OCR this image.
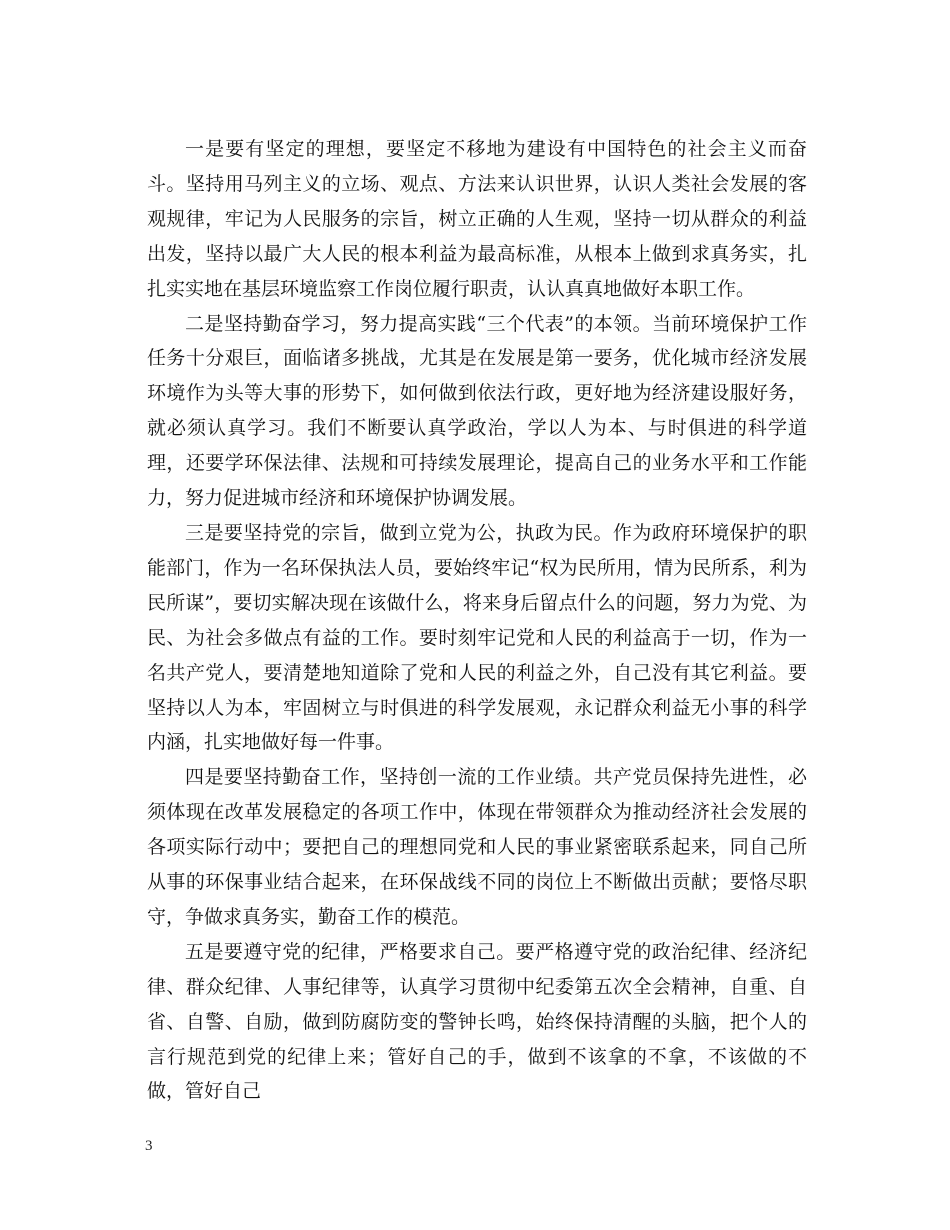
一是要有坚定的理想，要坚定不移地为建设有中国特色的社会主义而奋斗。坚持用马列主义的立场、观点、方法来认识世界，认识人类社会发展的客观规律，牢记为人民服务的宗旨，树立正确的人生观，坚持一切从群众的利益出发，坚持以最广大人民的根本利益为最高标准，从根本上做到求真务实，扎扎实实地在基层环境监察工作岗位履行职责，认认真真地做好本职工作。

二是坚持勤奋学习，努力提高实践“三个代表”的本领。当前环境保护工作任务十分艰巨，面临诸多挑战，尤其是在发展是第一要务，优化城市经济发展环境作为头等大事的形势下，如何做到依法行政，更好地为经济建设服好务，就必须认真学习。我们不断要认真学政治，学以人为本、与时俱进的科学道理，还要学环保法律、法规和可持续发展理论，提高自己的业务水平和工作能力，努力促进城市经济和环境保护协调发展。

三是要坚持党的宗旨，做到立党为公，执政为民。作为政府环境保护的职能部门，作为一名环保执法人员，要始终牢记“权为民所用，情为民所系，利为民所谋”，要切实解决现在该做什么，将来身后留点什么的问题，努力为党、为民、为社会多做点有益的工作。要时刻牢记党和人民的利益高于一切，作为一名共产党人，要清楚地知道除了党和人民的利益之外，自己没有其它利益。要坚持以人为本，牢固树立与时俱进的科学发展观，永记群众利益无小事的科学内涵，扎实地做好每一件事。

四是要坚持勤奋工作，坚持创一流的工作业绩。共产党员保持先进性，必须体现在改革发展稳定的各项工作中，体现在带领群众为推动经济社会发展的各项实际行动中；要把自己的理想同党和人民的事业紧密联系起来，同自己所从事的环保事业结合起来，在环保战线不同的岗位上不断做出贡献；要恪尽职守，争做求真务实，勤奋工作的模范。

五是要遵守党的纪律，严格要求自己。要严格遵守党的政治纪律、经济纪律、群众纪律、人事纪律等，认真学习贯彻中纪委第五次全会精神，自重、自省、自警、自励，做到防腐防变的警钟长鸣，始终保持清醒的头脑，把个人的言行规范到党的纪律上来；管好自己的手，做到不该拿的不拿，不该做的不做，管好自己

3
